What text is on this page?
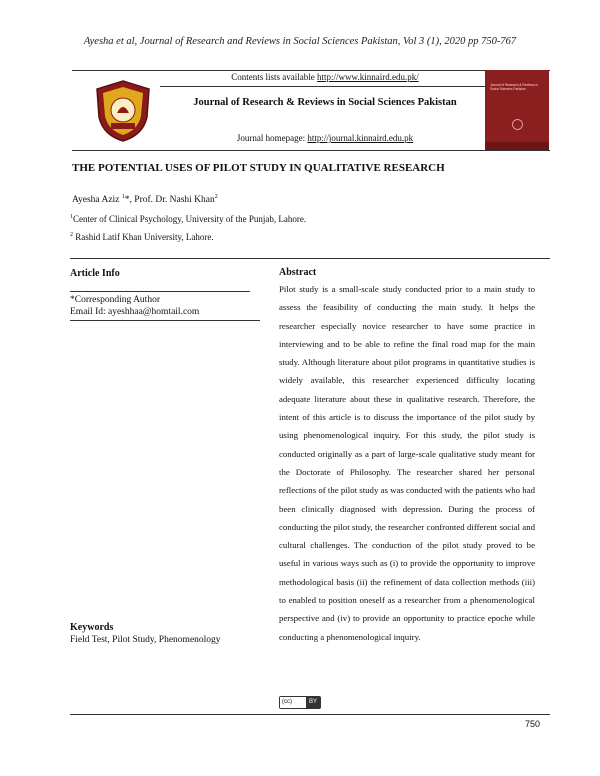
Ayesha et al, Journal of Research and Reviews in Social Sciences Pakistan, Vol 3 (1), 2020 pp 750-767
Contents lists available http://www.kinnaird.edu.pk/
Journal of Research & Reviews in Social Sciences Pakistan
Journal homepage: http://journal.kinnaird.edu.pk
Journal of Research & Reviews in Social Sciences Pakistan
THE POTENTIAL USES OF PILOT STUDY IN QUALITATIVE RESEARCH
Ayesha Aziz $^1$*, Prof. Dr. Nashi Khan$^2$
$^1$Center of Clinical Psychology, University of the Punjab, Lahore.
$^2$ Rashid Latif Khan University, Lahore.
Article Info
*Corresponding Author
Email Id: ayeshhaa@homtail.com
Keywords
Field Test, Pilot Study, Phenomenology
Abstract
Pilot study is a small-scale study conducted prior to a main study to assess the feasibility of conducting the main study. It helps the researcher especially novice researcher to have some practice in interviewing and to be able to refine the final road map for the main study. Although literature about pilot programs in quantitative studies is widely available, this researcher experienced difficulty locating adequate literature about these in qualitative research. Therefore, the intent of this article is to discuss the importance of the pilot study by using phenomenological inquiry. For this study, the pilot study is conducted originally as a part of large-scale qualitative study meant for the Doctorate of Philosophy. The researcher shared her personal reflections of the pilot study as was conducted with the patients who had been clinically diagnosed with depression. During the process of conducting the pilot study, the researcher confronted different social and cultural challenges. The conduction of the pilot study proved to be useful in various ways such as (i) to provide the opportunity to improve methodological basis (ii) the refinement of data collection methods (iii) to enabled to position oneself as a researcher from a phenomenological perspective and (iv) to provide an opportunity to practice epoche while conducting a phenomenological inquiry.
(cc)	BY
750
